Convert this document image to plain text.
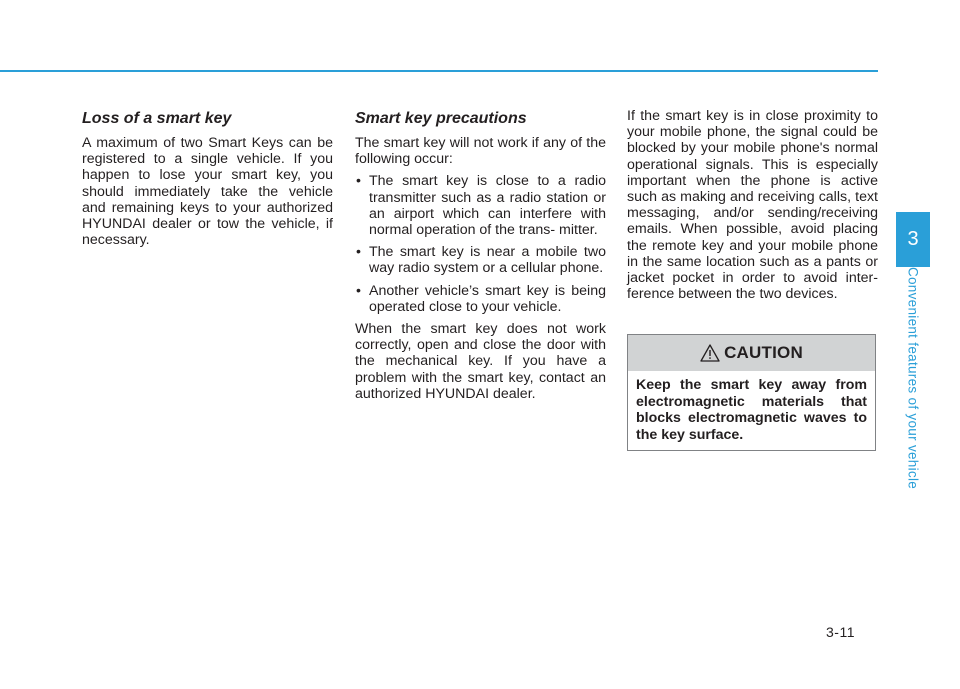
Loss of a smart key

A maximum of two Smart Keys can be registered to a single vehicle. If you happen to lose your smart key, you should immediately take the vehicle and remaining keys to your authorized HYUNDAI dealer or tow the vehicle, if necessary.

Smart key precautions

The smart key will not work if any of the following occur:

• The smart key is close to a radio transmitter such as a radio station or an airport which can interfere with normal operation of the trans- mitter.
• The smart key is near a mobile two way radio system or a cellular phone.
• Another vehicle’s smart key is being operated close to your vehicle.

When the smart key does not work correctly, open and close the door with the mechanical key. If you have a problem with the smart key, contact an authorized HYUNDAI dealer.

If the smart key is in close proximity to your mobile phone, the signal could be blocked by your mobile phone's normal operational signals. This is especially important when the phone is active such as making and receiving calls, text messaging, and/or sending/receiving emails. When possible, avoid placing the remote key and your mobile phone in the same location such as a pants or jacket pocket in order to avoid inter- ference between the two devices.

CAUTION
Keep the smart key away from electromagnetic materials that blocks electromagnetic waves to the key surface.
3
Convenient features of your vehicle
3-11
